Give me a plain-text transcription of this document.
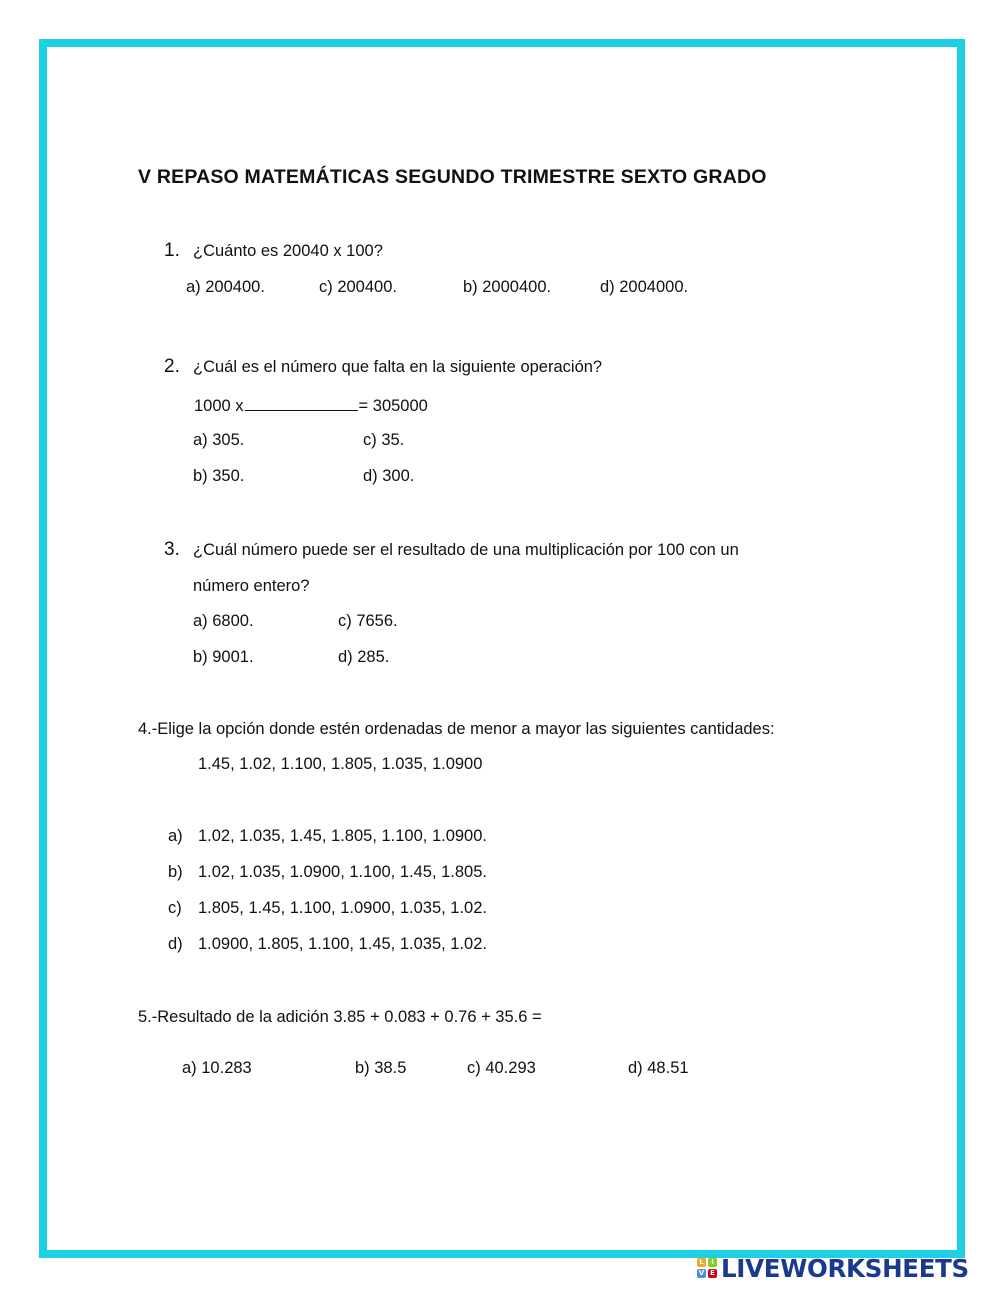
V REPASO MATEMÁTICAS SEGUNDO TRIMESTRE SEXTO GRADO
1. ¿Cuánto es 20040 x 100?
a) 200400.	c) 200400.	b) 2000400.	d) 2004000.
2. ¿Cuál es el número que falta en la siguiente operación?
1000 x	= 305000
a) 305.	c) 35.
b) 350.	d) 300.
3. ¿Cuál número puede ser el resultado de una multiplicación por 100 con un
número entero?
a) 6800.	c) 7656.
b) 9001.	d) 285.
4.-Elige la opción donde estén ordenadas de menor a mayor las siguientes cantidades:
1.45, 1.02, 1.100, 1.805, 1.035, 1.0900
a) 1.02, 1.035, 1.45, 1.805, 1.100, 1.0900.
b) 1.02, 1.035, 1.0900, 1.100, 1.45, 1.805.
c) 1.805, 1.45, 1.100, 1.0900, 1.035, 1.02.
d) 1.0900, 1.805, 1.100, 1.45, 1.035, 1.02.
5.-Resultado de la adición 3.85 + 0.083 + 0.76 + 35.6 =
a) 10.283	b) 38.5	c) 40.293	d) 48.51
L	I
V E LIVEWORKSHEETS
